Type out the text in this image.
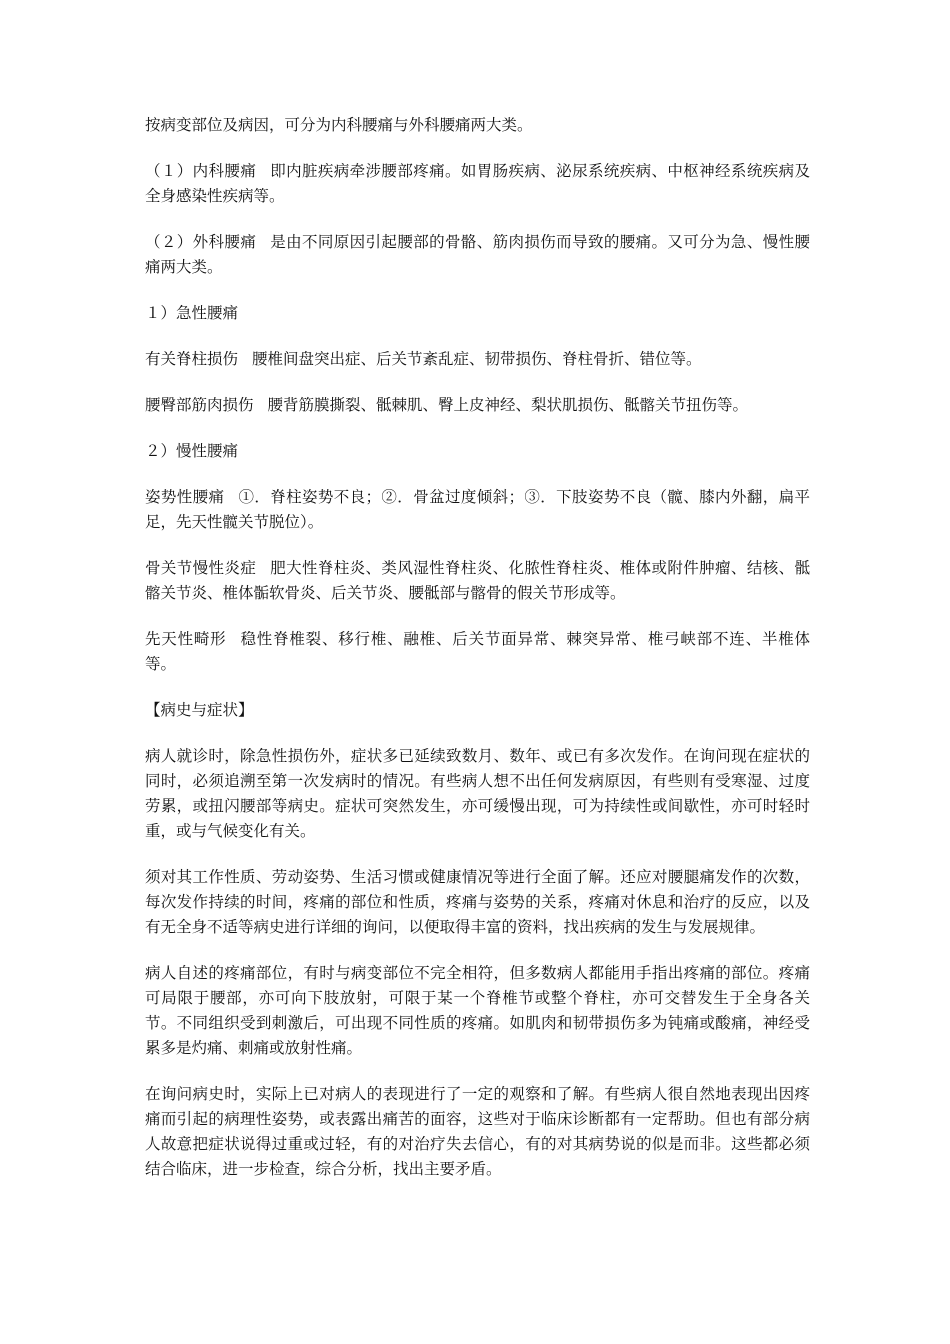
按病变部位及病因，可分为内科腰痛与外科腰痛两大类。

（１）内科腰痛 即内脏疾病牵涉腰部疼痛。如胃肠疾病、泌尿系统疾病、中枢神经系统疾病及全身感染性疾病等。

（２）外科腰痛 是由不同原因引起腰部的骨骼、筋肉损伤而导致的腰痛。又可分为急、慢性腰痛两大类。

１）急性腰痛

有关脊柱损伤 腰椎间盘突出症、后关节紊乱症、韧带损伤、脊柱骨折、错位等。

腰臀部筋肉损伤 腰背筋膜撕裂、骶棘肌、臀上皮神经、梨状肌损伤、骶髂关节扭伤等。

２）慢性腰痛

姿势性腰痛 ①．脊柱姿势不良；②．骨盆过度倾斜；③．下肢姿势不良（髋、膝内外翻，扁平足，先天性髋关节脱位）。

骨关节慢性炎症 肥大性脊柱炎、类风湿性脊柱炎、化脓性脊柱炎、椎体或附件肿瘤、结核、骶髂关节炎、椎体骺软骨炎、后关节炎、腰骶部与髂骨的假关节形成等。

先天性畸形 稳性脊椎裂、移行椎、融椎、后关节面异常、棘突异常、椎弓峡部不连、半椎体等。

【病史与症状】

病人就诊时，除急性损伤外，症状多已延续致数月、数年、或已有多次发作。在询问现在症状的同时，必须追溯至第一次发病时的情况。有些病人想不出任何发病原因，有些则有受寒湿、过度劳累，或扭闪腰部等病史。症状可突然发生，亦可缓慢出现，可为持续性或间歇性，亦可时轻时重，或与气候变化有关。

须对其工作性质、劳动姿势、生活习惯或健康情况等进行全面了解。还应对腰腿痛发作的次数，每次发作持续的时间，疼痛的部位和性质，疼痛与姿势的关系，疼痛对休息和治疗的反应，以及有无全身不适等病史进行详细的询问，以便取得丰富的资料，找出疾病的发生与发展规律。

病人自述的疼痛部位，有时与病变部位不完全相符，但多数病人都能用手指出疼痛的部位。疼痛可局限于腰部，亦可向下肢放射，可限于某一个脊椎节或整个脊柱，亦可交替发生于全身各关节。不同组织受到刺激后，可出现不同性质的疼痛。如肌肉和韧带损伤多为钝痛或酸痛，神经受累多是灼痛、刺痛或放射性痛。

在询问病史时，实际上已对病人的表现进行了一定的观察和了解。有些病人很自然地表现出因疼痛而引起的病理性姿势，或表露出痛苦的面容，这些对于临床诊断都有一定帮助。但也有部分病人故意把症状说得过重或过轻，有的对治疗失去信心，有的对其病势说的似是而非。这些都必须结合临床，进一步检查，综合分析，找出主要矛盾。
